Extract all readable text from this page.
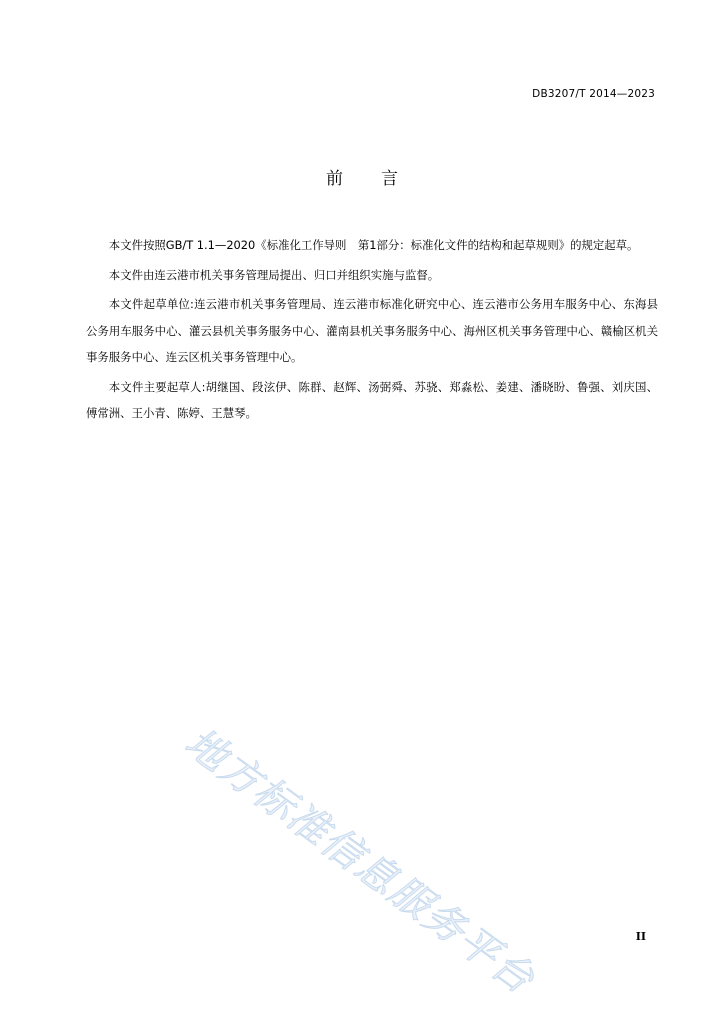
DB3207/T 2014—2023
前 言

本文件按照GB/T 1.1—2020《标准化工作导则　第1部分：标准化文件的结构和起草规则》的规定起草。

本文件由连云港市机关事务管理局提出、归口并组织实施与监督。

本文件起草单位:连云港市机关事务管理局、连云港市标准化研究中心、连云港市公务用车服务中心、东海县公务用车服务中心、灌云县机关事务服务中心、灌南县机关事务服务中心、海州区机关事务管理中心、赣榆区机关事务服务中心、连云区机关事务管理中心。

本文件主要起草人:胡继国、段泫伊、陈群、赵辉、汤弼舜、苏骁、郑淼松、姜建、潘晓盼、鲁强、刘庆国、傅常洲、王小青、陈婷、王慧琴。

地方标准信息服务平台	II
